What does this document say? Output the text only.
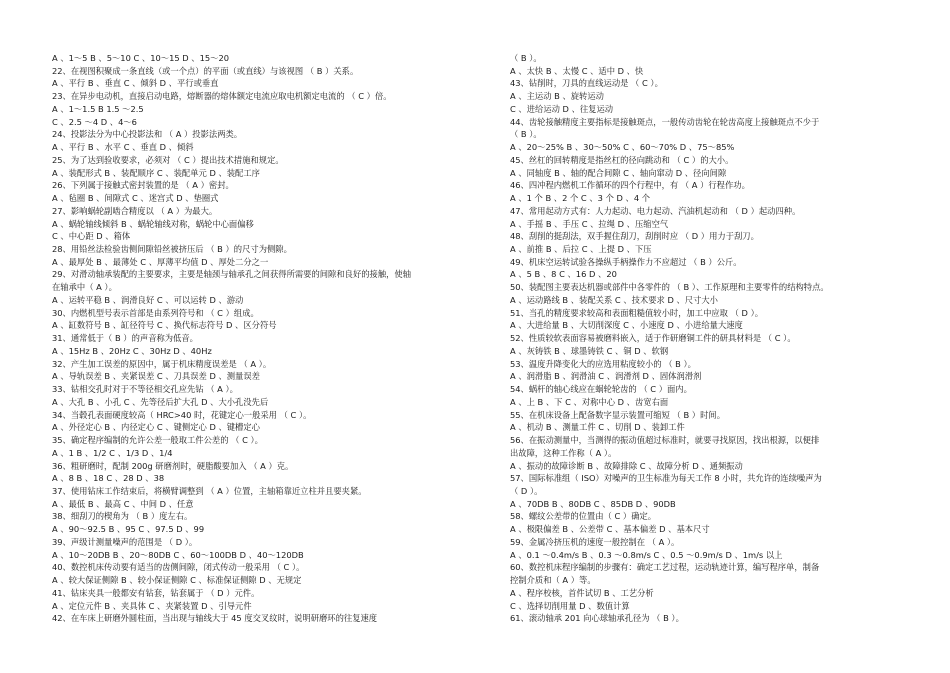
A 、1～5 B 、5～10 C 、10～15 D 、15～20
22、在视图积聚成一条直线（或一个点）的平面（或直线）与该视图 （ B ）关系。
A 、平行 B 、垂直 C 、倾斜 D 、平行或垂直
23、在异步电动机，直接启动电路，熔断器的熔体额定电流应取电机额定电流的 （ C ）倍。
A 、1～1.5 B 1.5 ～2.5
C 、2.5 ～4 D 、4～6
24、投影法分为中心投影法和 （ A ）投影法两类。
A 、平行 B 、水平 C 、垂直 D 、倾斜
25、为了达到验收要求，必须对 （ C ）提出技术措施和规定。
A 、装配形式 B 、装配顺序 C 、装配单元 D 、装配工序
26、下列属于接触式密封装置的是 （ A ）密封。
A 、毡圈 B 、间隙式 C 、迷宫式 D 、垫圈式
27、影响蜗轮副啮合精度以 （ A ）为最大。
A 、蜗轮轴线倾斜 B 、蜗轮轴线对称，蜗轮中心面偏移
C 、中心距 D 、箱体
28、用铅丝法检验齿侧间隙铅丝被挤压后 （ B ）的尺寸为侧隙。
A 、最厚处 B 、最薄处 C 、厚薄平均值 D 、厚处二分之一
29、对滑动轴承装配的主要要求，主要是轴颈与轴承孔之间获得所需要的间隙和良好的接触，使轴
在轴承中（ A ）。
A 、运转平稳 B 、润滑良好 C 、可以运转 D 、游动
30、内燃机型号表示首部是由系列符号和 （ C ）组成。
A 、缸数符号 B 、缸径符号 C 、换代标志符号 D 、区分符号
31、通常低于（ B ）的声音称为低音。
A 、15Hz B 、20Hz C 、30Hz D 、40Hz
32、产生加工误差的原因中，属于机床精度误差是 （ A ）。
A 、导轨误差 B 、夹紧误差 C 、刀具误差 D 、测量误差
33、钻相交孔时对于不等径相交孔应先钻 （ A ）。
A 、大孔 B 、小孔 C 、先等径后扩大孔 D 、大小孔没先后
34、当毂孔表面硬度较高（ HRC>40 时，花键定心一般采用 （ C ）。
A 、外径定心 B 、内径定心 C 、键侧定心 D 、键槽定心
35、确定程序编制的允许公差一般取工件公差的 （ C ）。
A 、1 B 、1/2 C 、1/3 D 、1/4
36、粗研磨时，配制 200g 研磨剂时，硬脂酸要加入 （ A ）克。
A 、8 B 、18 C 、28 D 、38
37、使用钻床工作结束后，将横臂调整到 （ A ）位置，主轴箱靠近立柱并且要夹紧。
A 、最低 B 、最高 C 、中间 D 、任意
38、细刮刀的楔角为 （ B ）度左右。
A 、90～92.5 B 、95 C 、97.5 D 、99
39、声级计测量噪声的范围是 （ D ）。
A 、10～20DB B 、20～80DB C 、60～100DB D 、40～120DB
40、数控机床传动要有适当的齿侧间隙，闭式传动一般采用 （ C ）。
A 、较大保证侧隙 B 、较小保证侧隙 C 、标准保证侧隙 D 、无规定
41、钻床夹具一般都安有钻套，钻套属于 （ D ）元件。
A 、定位元件 B 、夹具体 C 、夹紧装置 D 、引导元件
42、在车床上研磨外圆柱面，当出现与轴线大于 45 度交叉纹时，说明研磨环的往复速度
（ B ）。
A 、太快 B 、太慢 C 、适中 D 、快
43、钻削时，刀具的直线运动是 （ C ）。
A 、主运动 B 、旋转运动
C 、进给运动 D 、往复运动
44、齿轮接触精度主要指标是接触斑点，一般传动齿轮在轮齿高度上接触斑点不少于
（ B ）。
A 、20～25% B 、30～50% C 、60～70% D 、75～85%
45、丝杠的回转精度是指丝杠的径向跳动和 （ C ）的大小。
A 、同轴度 B 、轴的配合间隙 C 、轴向窜动 D 、径向间隙
46、四冲程内燃机工作循环的四个行程中，有 （ A ）行程作功。
A 、1 个 B 、2 个 C 、3 个 D 、4 个
47、常用起动方式有：人力起动、电力起动、汽油机起动和 （ D ）起动四种。
A 、手摇 B 、手压 C 、拉绳 D 、压缩空气
48、刮削的挺刮法，双手握住刮刀，刮削时应 （ D ）用力于刮刀。
A 、前推 B 、后拉 C 、上提 D 、下压
49、机床空运转试验各操纵手柄操作力不应超过 （ B ）公斤。
A 、5 B 、8 C 、16 D 、20
50、装配图主要表达机器或部件中各零件的 （ B ）、工作原理和主要零件的结构特点。
A 、运动路线 B 、装配关系 C 、技术要求 D 、尺寸大小
51、当孔的精度要求较高和表面粗糙值较小时，加工中应取 （ D ）。
A 、大进给量 B 、大切削深度 C 、小速度 D 、小进给量大速度
52、性质较软表面容易被磨料嵌入，适于作研磨铜工件的研具材料是 （ C ）。
A 、灰铸铁 B 、球墨铸铁 C 、铜 D 、软钢
53、温度升降变化大的应选用粘度较小的 （ B ）。
A 、润滑脂 B 、润滑油 C 、润滑剂 D 、固体润滑剂
54、蜗杆的轴心线应在蜗轮轮齿的 （ C ）面内。
A 、上 B 、下 C 、对称中心 D 、齿宽右面
55、在机床设备上配备数字显示装置可缩短 （ B ）时间。
A 、机动 B 、测量工件 C 、切削 D 、装卸工件
56、在振动测量中，当测得的振动值超过标准时，就要寻找原因，找出根源，以便排
出故障，这种工作称（ A ）。
A 、振动的故障诊断 B 、故障排除 C 、故障分析 D 、通频振动
57、国际标准组（ ISO）对噪声的卫生标准为每天工作 8 小时，共允许的连续噪声为
（ D ）。
A 、70DB B 、80DB C 、85DB D 、90DB
58、螺纹公差带的位置由（ C ）确定。
A 、极限偏差 B 、公差带 C 、基本偏差 D 、基本尺寸
59、金属冷挤压机的速度一般控制在 （ A ）。
A 、0.1 ～0.4m/s B 、0.3 ～0.8m/s C 、0.5 ～0.9m/s D 、1m/s 以上
60、数控机床程序编制的步骤有：确定工艺过程，运动轨迹计算，编写程序单，制备
控制介质和（ A ）等。
A 、程序校核，首件试切 B 、工艺分析
C 、选择切削用量 D 、数值计算
61、滚动轴承 201 向心球轴承孔径为 （ B ）。
